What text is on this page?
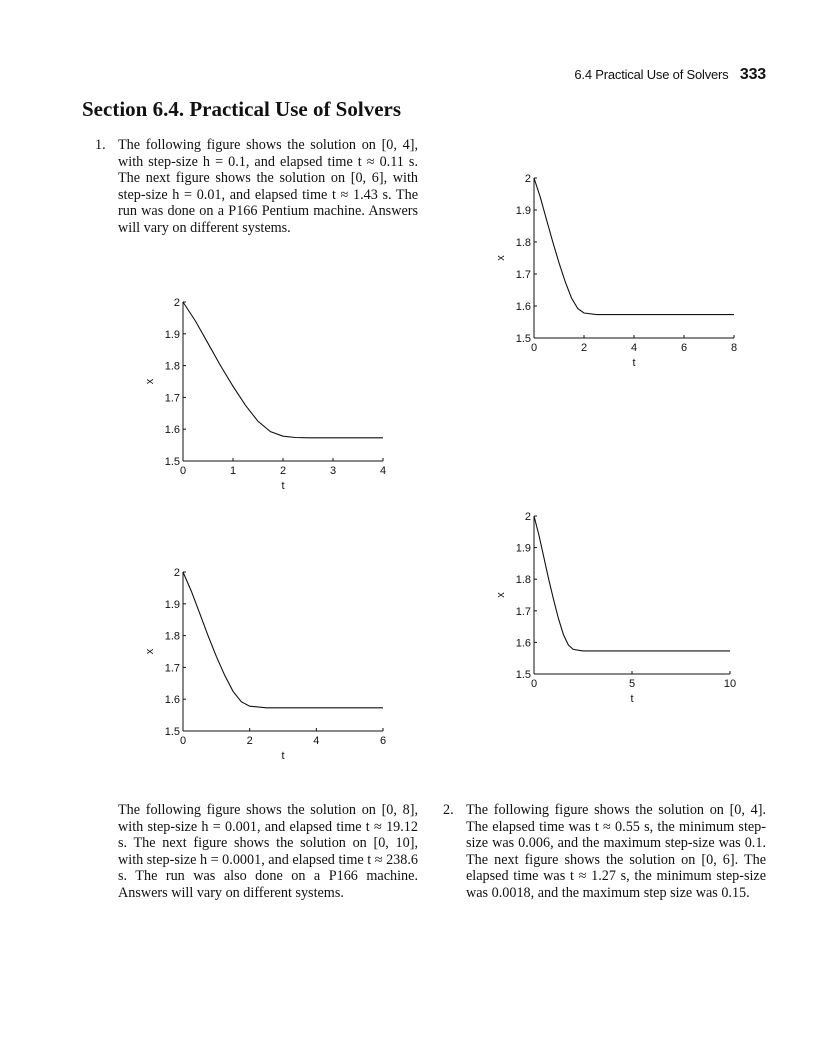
6.4 Practical Use of Solvers 333
Section 6.4. Practical Use of Solvers
1. The following figure shows the solution on [0, 4], with step-size h = 0.1, and elapsed time t ≈ 0.11 s. The next figure shows the solution on [0, 6], with step-size h = 0.01, and elapsed time t ≈ 1.43 s. The run was done on a P166 Pentium machine. Answers will vary on different systems.
The following figure shows the solution on [0, 8], with step-size h = 0.001, and elapsed time t ≈ 19.12 s. The next figure shows the solution on [0, 10], with step-size h = 0.0001, and elapsed time t ≈ 238.6 s. The run was also done on a P166 machine. Answers will vary on different systems.
2. The following figure shows the solution on [0, 4]. The elapsed time was t ≈ 0.55 s, the minimum step-size was 0.006, and the maximum step-size was 0.1. The next figure shows the solution on [0, 6]. The elapsed time was t ≈ 1.27 s, the minimum step-size was 0.0018, and the maximum step size was 0.15.
0	1	2	3	4
1.5
1.6
1.7
1.8
1.9
2
t
x
0	2	4	6	8
1.5
1.6
1.7
1.8
1.9
2
t
x
0	2	4	6
1.5
1.6
1.7
1.8
1.9
2
t
x
0	5	10
1.5
1.6
1.7
1.8
1.9
2
t
x
